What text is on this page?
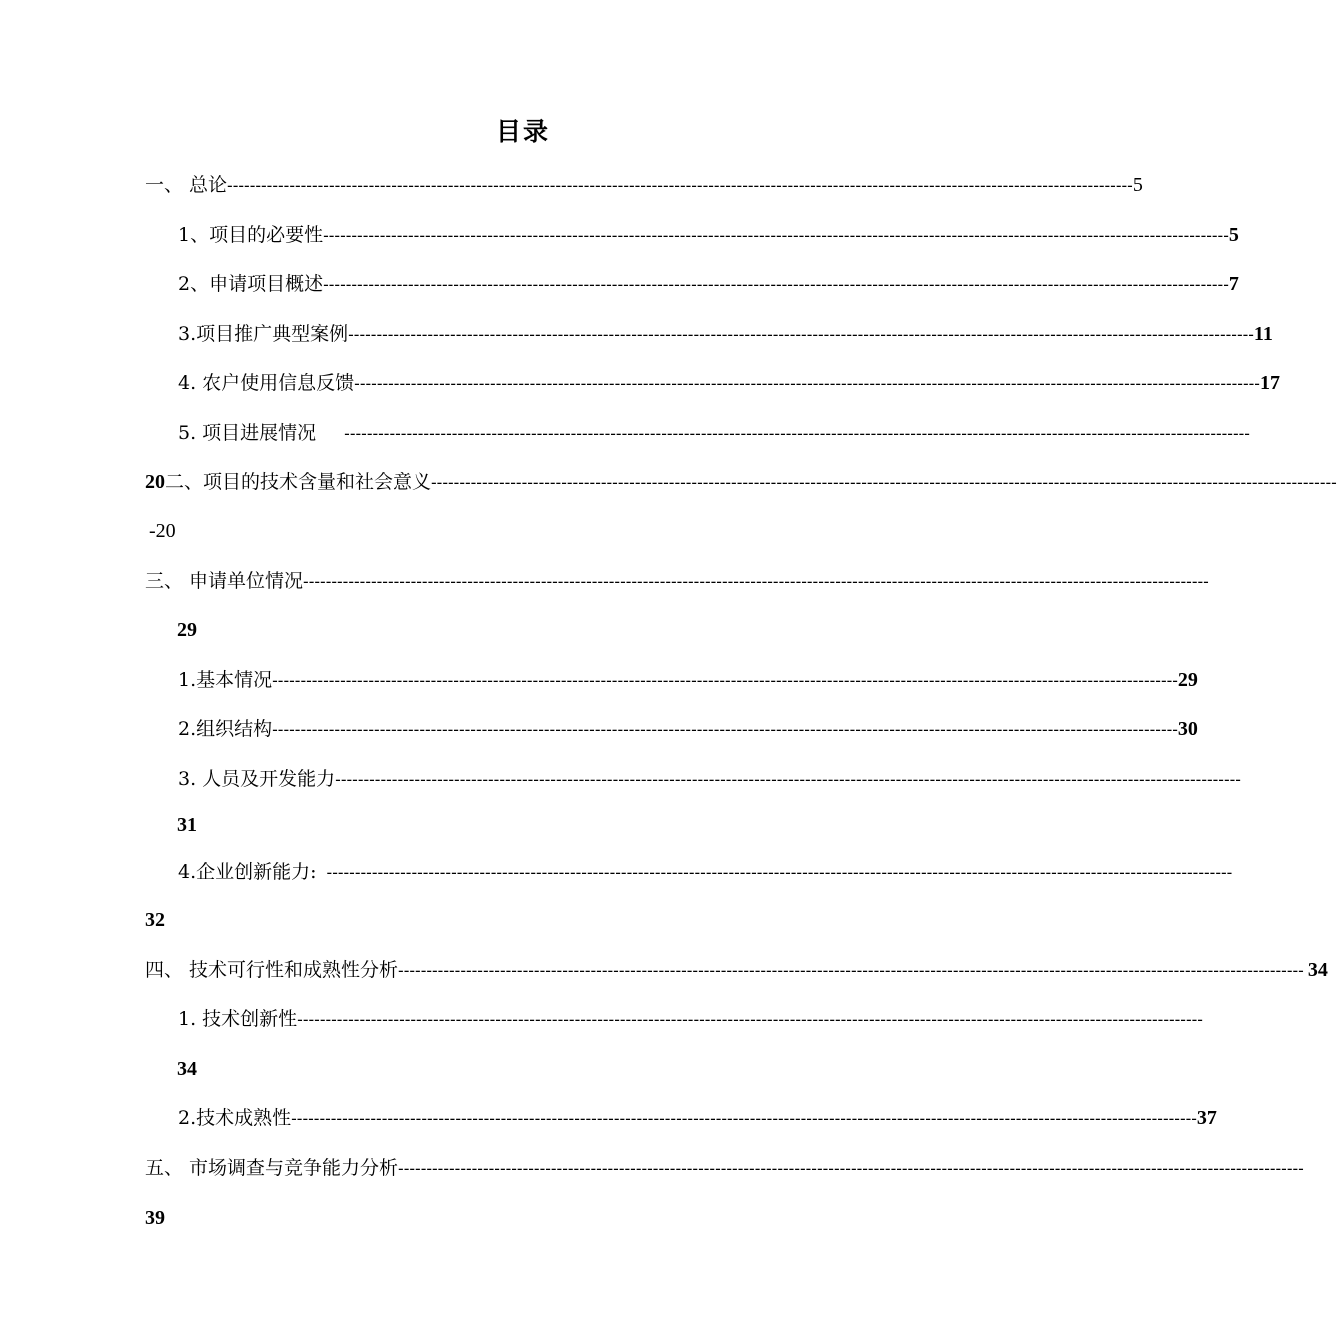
目录
一、 总论 ---------------------------------------------------------------------------------------------------------------------------------------------------------------- 5
1、项目的必要性 ---------------------------------------------------------------------------------------------------------------------------------------------------------------- 5
2、申请项目概述 ---------------------------------------------------------------------------------------------------------------------------------------------------------------- 7
3.项目推广典型案例 ---------------------------------------------------------------------------------------------------------------------------------------------------------------- 11
4. 农户使用信息反馈 ---------------------------------------------------------------------------------------------------------------------------------------------------------------- 17
5. 项目进展情况 ----------------------------------------------------------------------------------------------------------------------------------------------------------------
20 二、项目的技术含量和社会意义 ----------------------------------------------------------------------------------------------------------------------------------------------------------------
-20
三、 申请单位情况 ----------------------------------------------------------------------------------------------------------------------------------------------------------------
29
1.基本情况 ---------------------------------------------------------------------------------------------------------------------------------------------------------------- 29
2.组织结构 ---------------------------------------------------------------------------------------------------------------------------------------------------------------- 30
3. 人员及开发能力 ----------------------------------------------------------------------------------------------------------------------------------------------------------------
31
4.企业创新能力: ----------------------------------------------------------------------------------------------------------------------------------------------------------------
32
四、 技术可行性和成熟性分析 ---------------------------------------------------------------------------------------------------------------------------------------------------------------- 34
1. 技术创新性 ----------------------------------------------------------------------------------------------------------------------------------------------------------------
34
2.技术成熟性 ---------------------------------------------------------------------------------------------------------------------------------------------------------------- 37
五、 市场调查与竞争能力分析 ----------------------------------------------------------------------------------------------------------------------------------------------------------------
39
